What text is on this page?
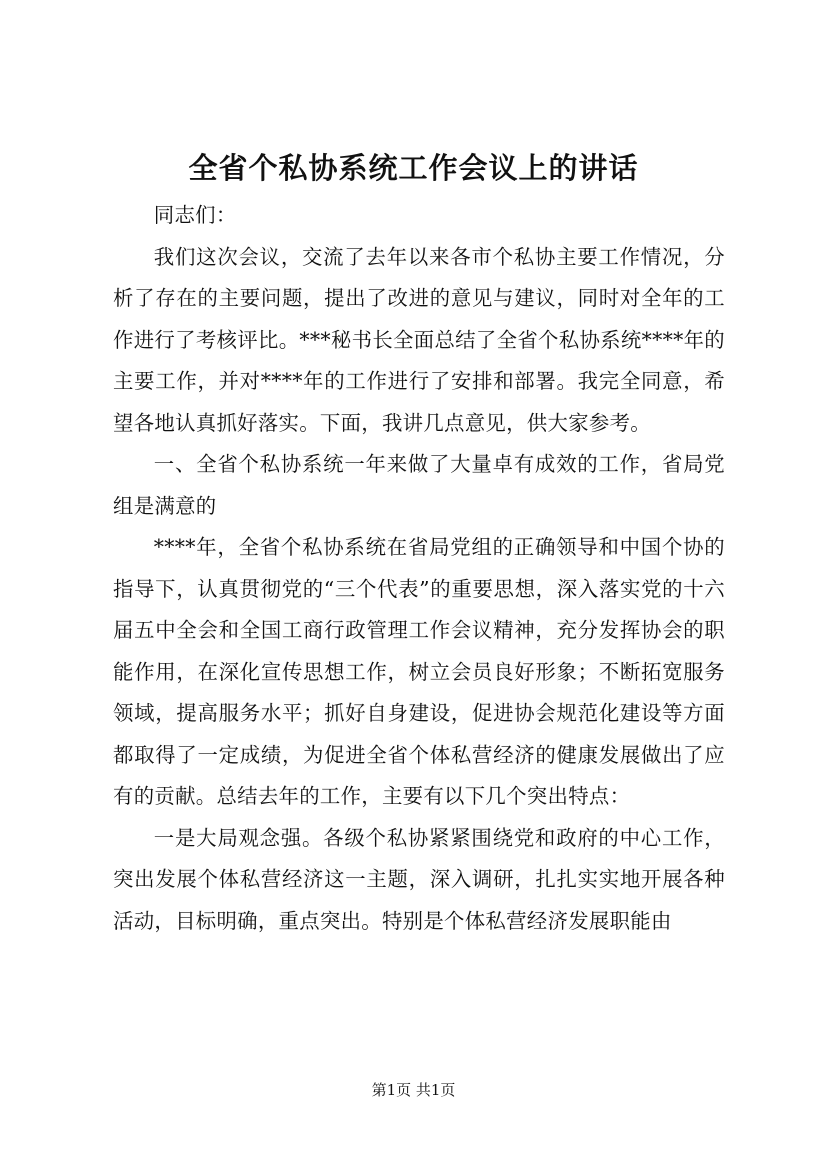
全省个私协系统工作会议上的讲话

同志们：

我们这次会议，交流了去年以来各市个私协主要工作情况，分析了存在的主要问题，提出了改进的意见与建议，同时对全年的工作进行了考核评比。***秘书长全面总结了全省个私协系统****年的主要工作，并对****年的工作进行了安排和部署。我完全同意，希望各地认真抓好落实。下面，我讲几点意见，供大家参考。

一、全省个私协系统一年来做了大量卓有成效的工作，省局党组是满意的

****年，全省个私协系统在省局党组的正确领导和中国个协的指导下，认真贯彻党的“三个代表”的重要思想，深入落实党的十六届五中全会和全国工商行政管理工作会议精神，充分发挥协会的职能作用，在深化宣传思想工作，树立会员良好形象；不断拓宽服务领域，提高服务水平；抓好自身建设，促进协会规范化建设等方面都取得了一定成绩，为促进全省个体私营经济的健康发展做出了应有的贡献。总结去年的工作，主要有以下几个突出特点：

一是大局观念强。各级个私协紧紧围绕党和政府的中心工作，突出发展个体私营经济这一主题，深入调研，扎扎实实地开展各种活动，目标明确，重点突出。特别是个体私营经济发展职能由

第1页 共1页
